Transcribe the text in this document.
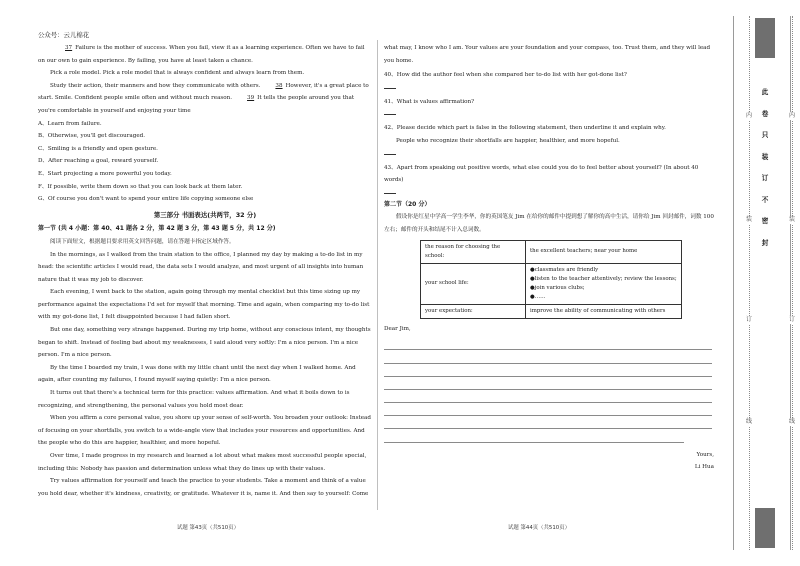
公众号：云儿棉花

37 Failure is the mother of success. When you fail, view it as a learning experience. Often we have to fail on our own to gain experience. By failing, you have at least taken a chance.

Pick a role model. Pick a role model that is always confident and always learn from them.

Study their action, their manners and how they communicate with others.	38 However, it's a great place to start. Smile. Confident people smile often and without much reason.	39 It tells the people around you that you're comfortable in yourself and enjoying your time

A、Learn from failure.

B、Otherwise, you'll get discouraged.

C、Smiling is a friendly and open gesture.

D、After reaching a goal, reward yourself.

E、Start projecting a more powerful you today.

F、If possible, write them down so that you can look back at them later.

G、Of course you don't want to spend your entire life copying someone else

第三部分 书面表达(共两节，32 分)

第一节 (共 4 小题：第 40、41 题各 2 分，第 42 题 3 分，第 43 题 5 分，共 12 分)

阅读下面短文，根据题目要求用英文回答问题，请在答题卡指定区域作答。

In the mornings, as I walked from the train station to the office, I planned my day by making a to-do list in my head: the scientific articles I would read, the data sets I would analyze, and most urgent of all insights into human nature that it was my job to discover.

Each evening, I went back to the station, again going through my mental checklist but this time sizing up my performance against the expectations I'd set for myself that morning. Time and again, when comparing my to-do list with my got-done list, I felt disappointed because I had fallen short.

But one day, something very strange happened. During my trip home, without any conscious intent, my thoughts began to shift. Instead of feeling bad about my weaknesses, I said aloud very softly: I'm a nice person. I'm a nice person. I'm a nice person.

By the time I boarded my train, I was done with my little chant until the next day when I walked home. And again, after counting my failures, I found myself saying quietly: I'm a nice person.

It turns out that there's a technical term for this practice: values affirmation. And what it boils down to is recognizing, and strengthening, the personal values you hold most dear.

When you affirm a core personal value, you shore up your sense of self-worth. You broaden your outlook: Instead of focusing on your shortfalls, you switch to a wide-angle view that includes your resources and opportunities. And the people who do this are happier, healthier, and more hopeful.

Over time, I made progress in my research and learned a lot about what makes most successful people special, including this: Nobody has passion and determination unless what they do lines up with their values.

Try values affirmation for yourself and teach the practice to your students. Take a moment and think of a value you hold dear, whether it's kindness, creativity, or gratitude. Whatever it is, name it. And then say to yourself: Come

what may, I know who I am. Your values are your foundation and your compass, too. Trust them, and they will lead you home.

40、How did the author feel when she compared her to-do list with her got-done list?

41、What is values affirmation?

42、Please decide which part is false in the following statement, then underline it and explain why.

People who recognize their shortfalls are happier, healthier, and more hopeful.

43、Apart from speaking out positive words, what else could you do to feel better about yourself? (In about 40 words)

第二节（20 分）

假设你是红星中学高一学生李华，你的英国笔友 Jim 在给你的邮件中提到想了解你的高中生活，请你给 Jim 回封邮件，词数 100 左右；邮件的开头和结尾不计入总词数。

the reason for choosing the school:	the excellent teachers; near your home
your school life:	●classmates are friendly
●listen to the teacher attentively; review the lessons;
●join various clubs;
●……

your expectation:	improve the ability of communicating with others

Dear Jim,

Yours,

Li Hua

试题 第43页（共510页）	试题 第44页（共510页）
此
卷
只
装
订
不
密
封
内
装
订
线
内
装
订
线
